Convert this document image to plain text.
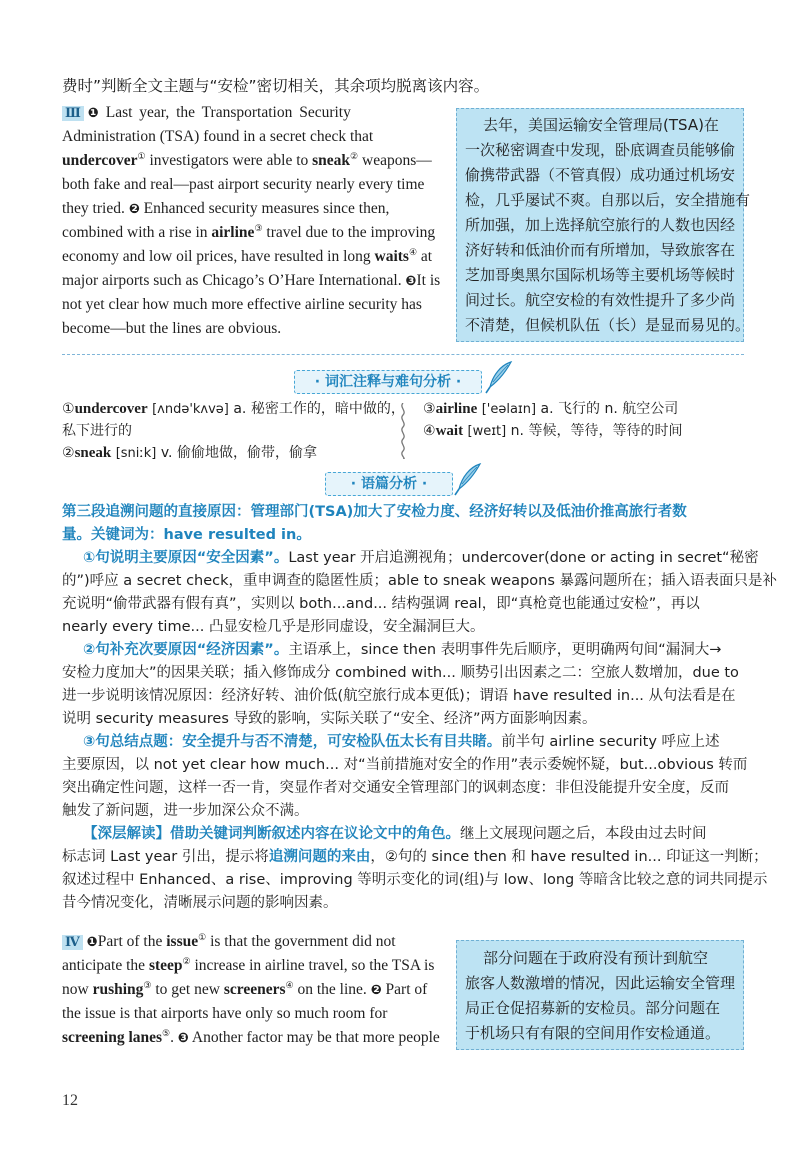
费时”判断全文主题与“安检”密切相关，其余项均脱离该内容。
Ⅲ ❶ Last year, the Transportation Security
Administration (TSA) found in a secret check that
undercover① investigators were able to sneak② weapons—
both fake and real—past airport security nearly every time
they tried. ❷ Enhanced security measures since then,
combined with a rise in airline③ travel due to the improving
economy and low oil prices, have resulted in long waits④ at
major airports such as Chicago’s O’Hare International. ❸It is
not yet clear how much more effective airline security has
become—but the lines are obvious.
去年，美国运输安全管理局(TSA)在
一次秘密调查中发现，卧底调查员能够偷
偷携带武器（不管真假）成功通过机场安
检，几乎屡试不爽。自那以后，安全措施有
所加强，加上选择航空旅行的人数也因经
济好转和低油价而有所增加，导致旅客在
芝加哥奥黑尔国际机场等主要机场等候时
间过长。航空安检的有效性提升了多少尚
不清楚，但候机队伍（长）是显而易见的。
· 词汇注释与难句分析 ·
①undercover [ʌndə'kʌvə] a. 秘密工作的，暗中做的，
私下进行的
②sneak [sniːk] v. 偷偷地做，偷带，偷拿
③airline ['eəlaɪn] a. 飞行的 n. 航空公司
④wait [weɪt] n. 等候，等待，等待的时间
· 语篇分析 ·
第三段追溯问题的直接原因：管理部门(TSA)加大了安检力度、经济好转以及低油价推高旅行者数
量。关键词为：have resulted in。
①句说明主要原因“安全因素”。Last year 开启追溯视角；undercover(done or acting in secret“秘密
的”)呼应 a secret check，重申调查的隐匿性质；able to sneak weapons 暴露问题所在；插入语表面只是补
充说明“偷带武器有假有真”，实则以 both...and... 结构强调 real，即“真枪竟也能通过安检”，再以
nearly every time... 凸显安检几乎是形同虚设，安全漏洞巨大。
②句补充次要原因“经济因素”。主语承上，since then 表明事件先后顺序，更明确两句间“漏洞大→
安检力度加大”的因果关联；插入修饰成分 combined with... 顺势引出因素之二：空旅人数增加，due to
进一步说明该情况原因：经济好转、油价低(航空旅行成本更低)；谓语 have resulted in... 从句法看是在
说明 security measures 导致的影响，实际关联了“安全、经济”两方面影响因素。
③句总结点题：安全提升与否不清楚，可安检队伍太长有目共睹。前半句 airline security 呼应上述
主要原因，以 not yet clear how much... 对“当前措施对安全的作用”表示委婉怀疑，but...obvious 转而
突出确定性问题，这样一否一肯，突显作者对交通安全管理部门的讽刺态度：非但没能提升安全度，反而
触发了新问题，进一步加深公众不满。
【深层解读】借助关键词判断叙述内容在议论文中的角色。继上文展现问题之后，本段由过去时间
标志词 Last year 引出，提示将追溯问题的来由，②句的 since then 和 have resulted in... 印证这一判断；
叙述过程中 Enhanced、a rise、improving 等明示变化的词(组)与 low、long 等暗含比较之意的词共同提示
昔今情况变化，清晰展示问题的影响因素。
Ⅳ ❶Part of the issue① is that the government did not
anticipate the steep② increase in airline travel, so the TSA is
now rushing③ to get new screeners④ on the line. ❷ Part of
the issue is that airports have only so much room for
screening lanes⑤. ❸ Another factor may be that more people
部分问题在于政府没有预计到航空
旅客人数激增的情况，因此运输安全管理
局正仓促招募新的安检员。部分问题在
于机场只有有限的空间用作安检通道。
12
